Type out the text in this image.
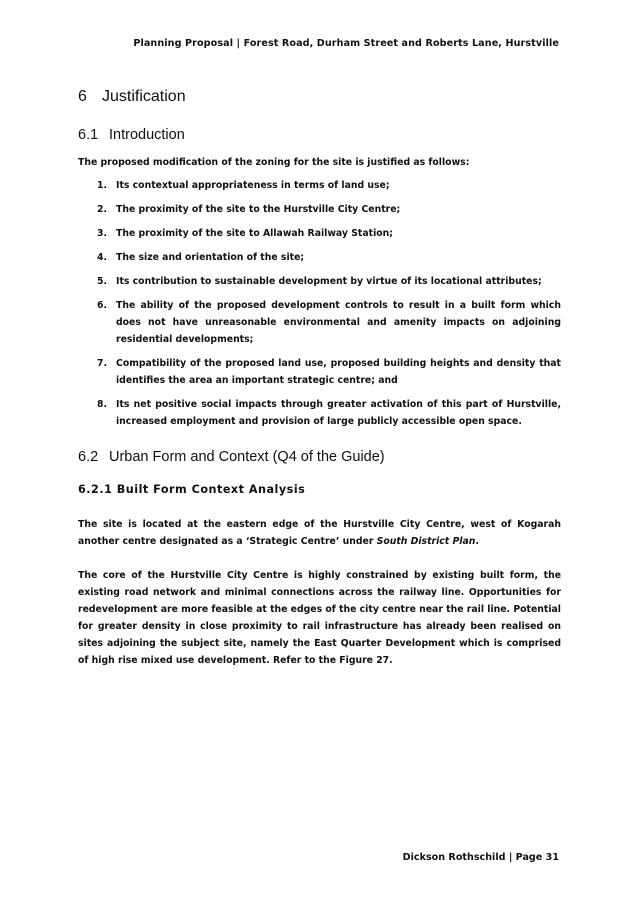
Planning Proposal | Forest Road, Durham Street and Roberts Lane, Hurstville
6 Justification
6.1 Introduction

The proposed modification of the zoning for the site is justified as follows:

1. Its contextual appropriateness in terms of land use;
2. The proximity of the site to the Hurstville City Centre;
3. The proximity of the site to Allawah Railway Station;
4. The size and orientation of the site;
5. Its contribution to sustainable development by virtue of its locational attributes;
6. The ability of the proposed development controls to result in a built form which does not have unreasonable environmental and amenity impacts on adjoining residential developments;
7. Compatibility of the proposed land use, proposed building heights and density that identifies the area an important strategic centre; and
8. Its net positive social impacts through greater activation of this part of Hurstville, increased employment and provision of large publicly accessible open space.
6.2 Urban Form and Context (Q4 of the Guide)
6.2.1 Built Form Context Analysis

The site is located at the eastern edge of the Hurstville City Centre, west of Kogarah another centre designated as a ‘Strategic Centre’ under South District Plan.

The core of the Hurstville City Centre is highly constrained by existing built form, the existing road network and minimal connections across the railway line. Opportunities for redevelopment are more feasible at the edges of the city centre near the rail line. Potential for greater density in close proximity to rail infrastructure has already been realised on sites adjoining the subject site, namely the East Quarter Development which is comprised of high rise mixed use development. Refer to the Figure 27.

Dickson Rothschild | Page 31
